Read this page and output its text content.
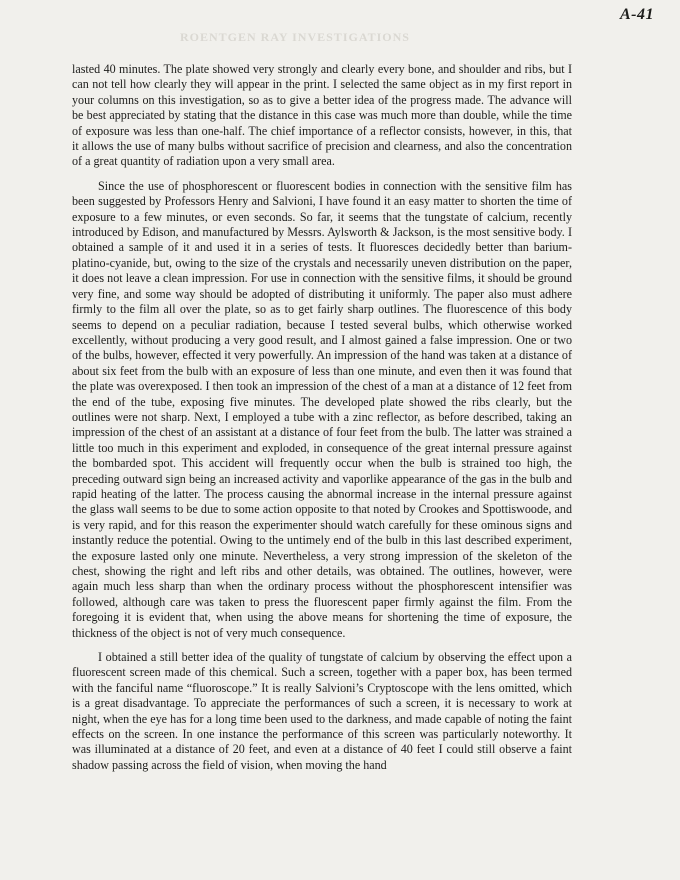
ROENTGEN RAY INVESTIGATIONS
A-41

lasted 40 minutes. The plate showed very strongly and clearly every bone, and shoulder and ribs, but I can not tell how clearly they will appear in the print. I selected the same object as in my first report in your columns on this investigation, so as to give a better idea of the progress made. The advance will be best appreciated by stating that the distance in this case was much more than double, while the time of exposure was less than one-half. The chief importance of a reflector consists, however, in this, that it allows the use of many bulbs without sacrifice of precision and clearness, and also the concentration of a great quantity of radiation upon a very small area.

Since the use of phosphorescent or fluorescent bodies in connection with the sensitive film has been suggested by Professors Henry and Salvioni, I have found it an easy matter to shorten the time of exposure to a few minutes, or even seconds. So far, it seems that the tungstate of calcium, recently introduced by Edison, and manufactured by Messrs. Aylsworth & Jackson, is the most sensitive body. I obtained a sample of it and used it in a series of tests. It fluoresces decidedly better than barium-platino-cyanide, but, owing to the size of the crystals and necessarily uneven distribution on the paper, it does not leave a clean impression. For use in connection with the sensitive films, it should be ground very fine, and some way should be adopted of distributing it uniformly. The paper also must adhere firmly to the film all over the plate, so as to get fairly sharp outlines. The fluorescence of this body seems to depend on a peculiar radiation, because I tested several bulbs, which otherwise worked excellently, without producing a very good result, and I almost gained a false impression. One or two of the bulbs, however, effected it very powerfully. An impression of the hand was taken at a distance of about six feet from the bulb with an exposure of less than one minute, and even then it was found that the plate was overexposed. I then took an impression of the chest of a man at a distance of 12 feet from the end of the tube, exposing five minutes. The developed plate showed the ribs clearly, but the outlines were not sharp. Next, I employed a tube with a zinc reflector, as before described, taking an impression of the chest of an assistant at a distance of four feet from the bulb. The latter was strained a little too much in this experiment and exploded, in consequence of the great internal pressure against the bombarded spot. This accident will frequently occur when the bulb is strained too high, the preceding outward sign being an increased activity and vaporlike appearance of the gas in the bulb and rapid heating of the latter. The process causing the abnormal increase in the internal pressure against the glass wall seems to be due to some action opposite to that noted by Crookes and Spottiswoode, and is very rapid, and for this reason the experimenter should watch carefully for these ominous signs and instantly reduce the potential. Owing to the untimely end of the bulb in this last described experiment, the exposure lasted only one minute. Nevertheless, a very strong impression of the skeleton of the chest, showing the right and left ribs and other details, was obtained. The outlines, however, were again much less sharp than when the ordinary process without the phosphorescent intensifier was followed, although care was taken to press the fluorescent paper firmly against the film. From the foregoing it is evident that, when using the above means for shortening the time of exposure, the thickness of the object is not of very much consequence.

I obtained a still better idea of the quality of tungstate of calcium by observing the effect upon a fluorescent screen made of this chemical. Such a screen, together with a paper box, has been termed with the fanciful name “fluoroscope.” It is really Salvioni’s Cryptoscope with the lens omitted, which is a great disadvantage. To appreciate the performances of such a screen, it is necessary to work at night, when the eye has for a long time been used to the darkness, and made capable of noting the faint effects on the screen. In one instance the performance of this screen was particularly noteworthy. It was illuminated at a distance of 20 feet, and even at a distance of 40 feet I could still observe a faint shadow passing across the field of vision, when moving the hand
